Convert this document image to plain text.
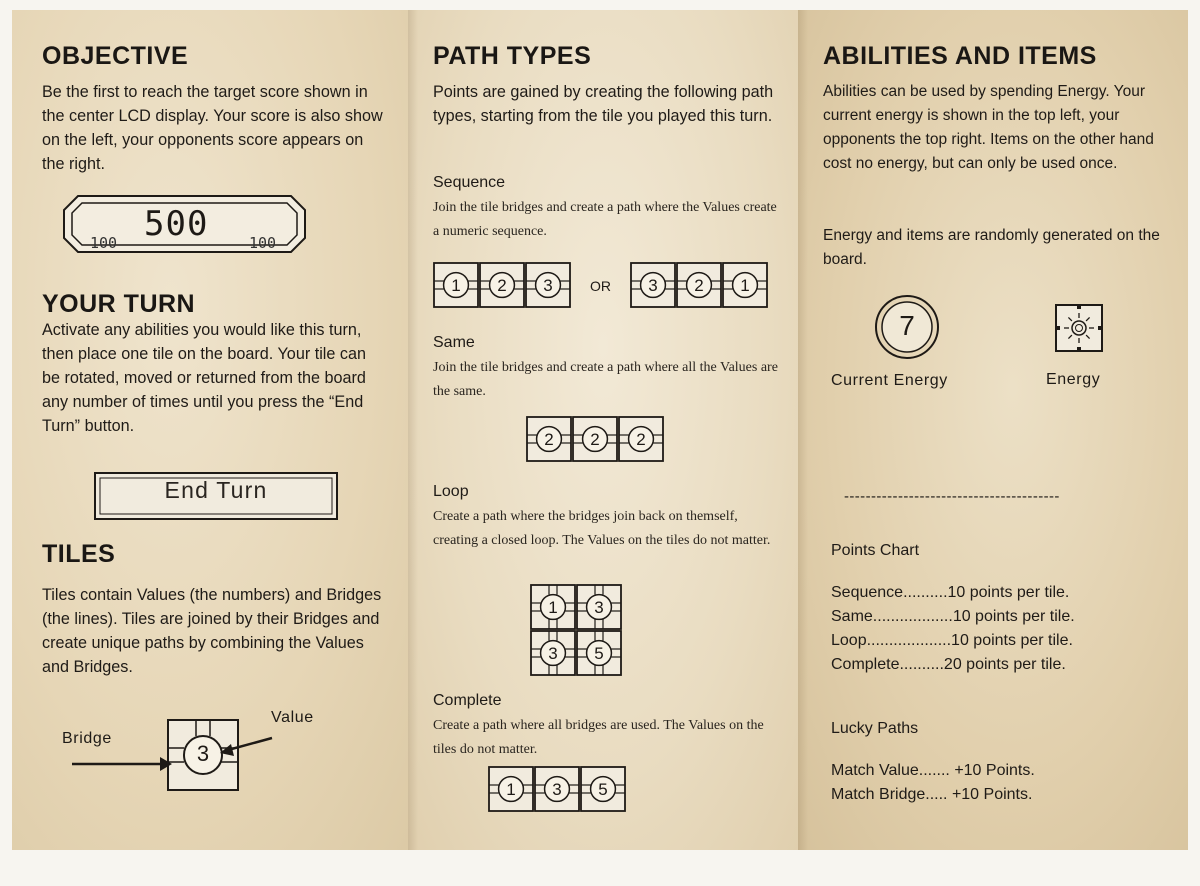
OBJECTIVE
Be the first to reach the target score shown in the center LCD display. Your score is also show on the left, your opponents score appears on the right.
100 500	100
YOUR TURN
Activate any abilities you would like this turn, then place one tile on the board. Your tile can be rotated, moved or returned from the board any number of times until you press the “End Turn” button.
End Turn
TILES
Tiles contain Values (the numbers) and Bridges (the lines). Tiles are joined by their Bridges and create unique paths by combining the Values and Bridges.
Bridge
Value
3
PATH TYPES
Points are gained by creating the following path types, starting from the tile you played this turn.
Sequence
Join the tile bridges and create a path where the Values create a numeric sequence.
1 2 3	OR 3 2 1
Same
Join the tile bridges and create a path where all the Values are the same.
2 2 2
Loop
Create a path where the bridges join back on themself, creating a closed loop. The Values on the tiles do not matter.
1 3
3 5
Complete
Create a path where all bridges are used. The Values on the tiles do not matter.
1 3 5
ABILITIES AND ITEMS
Abilities can be used by spending Energy. Your current energy is shown in the top left, your opponents the top right. Items on the other hand cost no energy, but can only be used once.
Energy and items are randomly generated on the board.
7
Current Energy	Energy
----------------------------------------
Points Chart
Sequence..........10 points per tile.
Same..................10 points per tile.
Loop...................10 points per tile.
Complete..........20 points per tile.
Lucky Paths
Match Value....... +10 Points.
Match Bridge..... +10 Points.
